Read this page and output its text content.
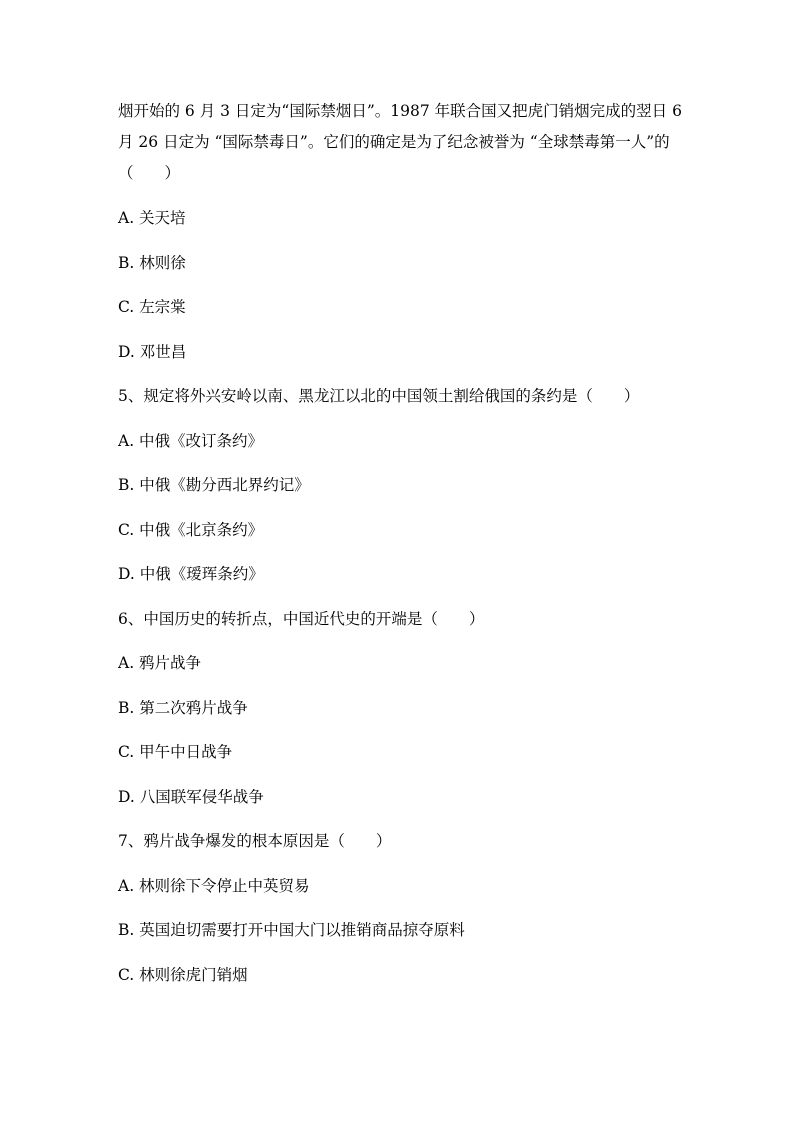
烟开始的 6 月 3 日定为“国际禁烟日”。1987 年联合国又把虎门销烟完成的翌日 6
月 26 日定为 “国际禁毒日”。它们的确定是为了纪念被誉为 “全球禁毒第一人”的
（　　）
A. 关天培
B. 林则徐
C. 左宗棠
D. 邓世昌
5、规定将外兴安岭以南、黑龙江以北的中国领土割给俄国的条约是（　　）
A. 中俄《改订条约》
B. 中俄《勘分西北界约记》
C. 中俄《北京条约》
D. 中俄《瑷珲条约》
6、中国历史的转折点，中国近代史的开端是（　　）
A. 鸦片战争
B. 第二次鸦片战争
C. 甲午中日战争
D. 八国联军侵华战争
7、鸦片战争爆发的根本原因是（　　）
A. 林则徐下令停止中英贸易
B. 英国迫切需要打开中国大门以推销商品掠夺原料
C. 林则徐虎门销烟
